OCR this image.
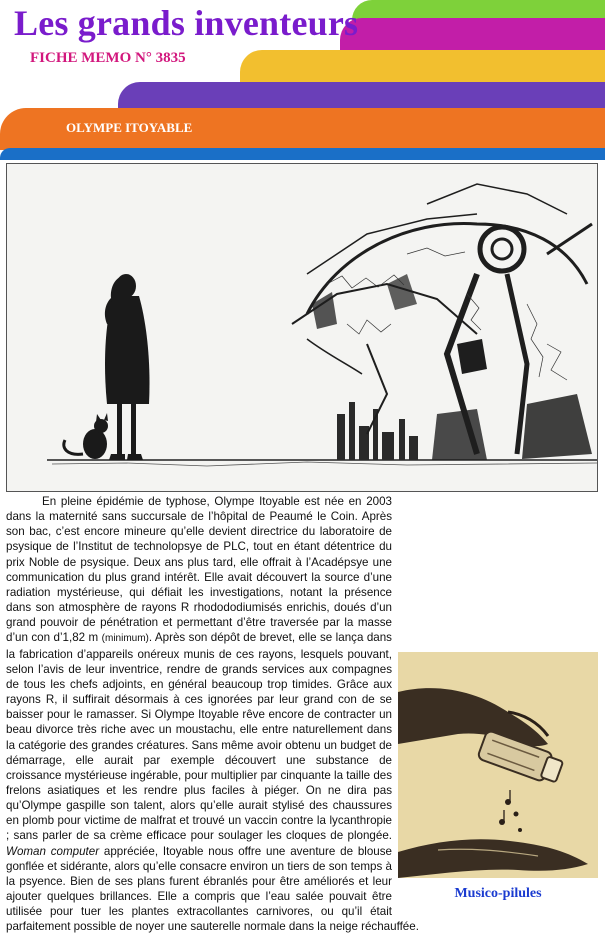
Les grands inventeurs
FICHE MEMO N° 3835
OLYMPE ITOYABLE
Musico-pilules

En pleine épidémie de typhose, Olympe Itoyable est née en 2003 dans la maternité sans succursale de l’hôpital de Peaumé le Coin. Après son bac, c’est encore mineure qu’elle devient directrice du laboratoire de psysique de l’Institut de technolopsye de PLC, tout en étant détentrice du prix Noble de psysique. Deux ans plus tard, elle offrait à l’Acadépsye une communication du plus grand intérêt. Elle avait découvert la source d’une radiation mystérieuse, qui défiait les investigations, notant la présence dans son atmosphère de rayons R rhodododiumisés enrichis, doués d’un grand pouvoir de pénétration et permettant d’être traversée par la masse d’un con d’1,82 m (minimum). Après son dépôt de brevet, elle se lança dans la fabrication d’appareils onéreux munis de ces rayons, lesquels pouvant, selon l’avis de leur inventrice, rendre de grands services aux compagnes de tous les chefs adjoints, en général beaucoup trop timides. Grâce aux rayons R, il suffirait désormais à ces ignorées par leur grand con de se baisser pour le ramasser. Si Olympe Itoyable rêve encore de contracter un beau divorce très riche avec un moustachu, elle entre naturellement dans la catégorie des grandes créatures. Sans même avoir obtenu un budget de démarrage, elle aurait par exemple découvert une substance de croissance mystérieuse ingérable, pour multiplier par cinquante la taille des frelons asiatiques et les rendre plus faciles à piéger. On ne dira pas qu’Olympe gaspille son talent, alors qu’elle aurait stylisé des chaussures en plomb pour victime de malfrat et trouvé un vaccin contre la lycanthropie ; sans parler de sa crème efficace pour soulager les cloques de plongée. Woman computer appréciée, Itoyable nous offre une aventure de blouse gonflée et sidérante, alors qu’elle consacre environ un tiers de son temps à la psyence. Bien de ses plans furent ébranlés pour être améliorés et leur ajouter quelques brillances. Elle a compris que l’eau salée pouvait être utilisée pour tuer les plantes extracollantes carnivores, ou qu’il était parfaitement possible de noyer une sauterelle normale dans la neige réchauffée.
